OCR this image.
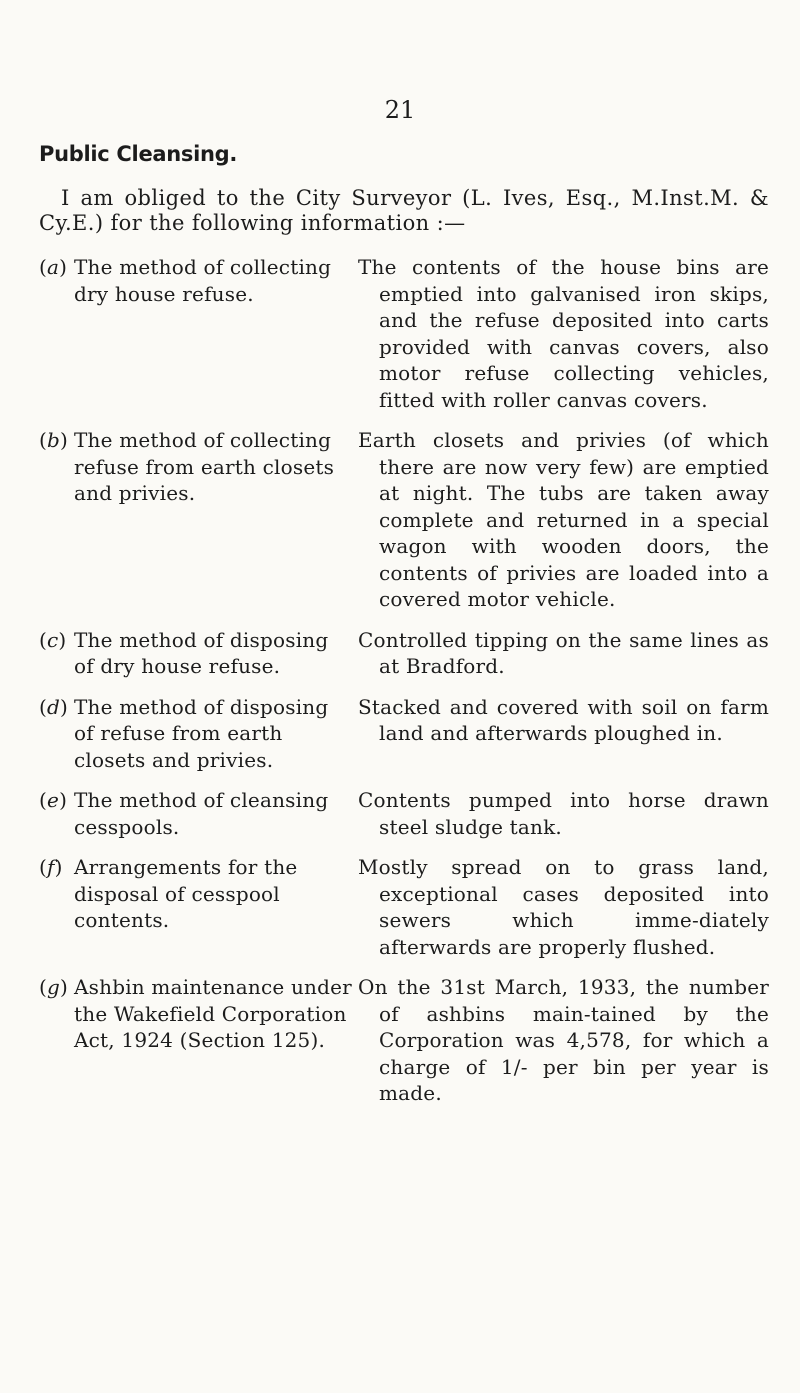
21
Public Cleansing.

I am obliged to the City Surveyor (L. Ives, Esq., M.Inst.M. & Cy.E.) for the following information :—

(a) The method of collecting dry house refuse.
The contents of the house bins are emptied into galvanised iron skips, and the refuse deposited into carts provided with canvas covers, also motor refuse collecting vehicles, fitted with roller canvas covers.
(b) The method of collecting refuse from earth closets and privies.
Earth closets and privies (of which there are now very few) are emptied at night. The tubs are taken away complete and returned in a special wagon with wooden doors, the contents of privies are loaded into a covered motor vehicle.
(c) The method of disposing of dry house refuse.
Controlled tipping on the same lines as at Bradford.
(d) The method of disposing of refuse from earth closets and privies.
Stacked and covered with soil on farm land and afterwards ploughed in.
(e) The method of cleansing cesspools.
Contents pumped into horse drawn steel sludge tank.
(f) Arrangements for the disposal of cesspool contents.
Mostly spread on to grass land, exceptional cases deposited into sewers which imme-diately afterwards are properly flushed.
(g) Ashbin maintenance under the Wakefield Corporation Act, 1924 (Section 125).
On the 31st March, 1933, the number of ashbins main-tained by the Corporation was 4,578, for which a charge of 1/- per bin per year is made.
